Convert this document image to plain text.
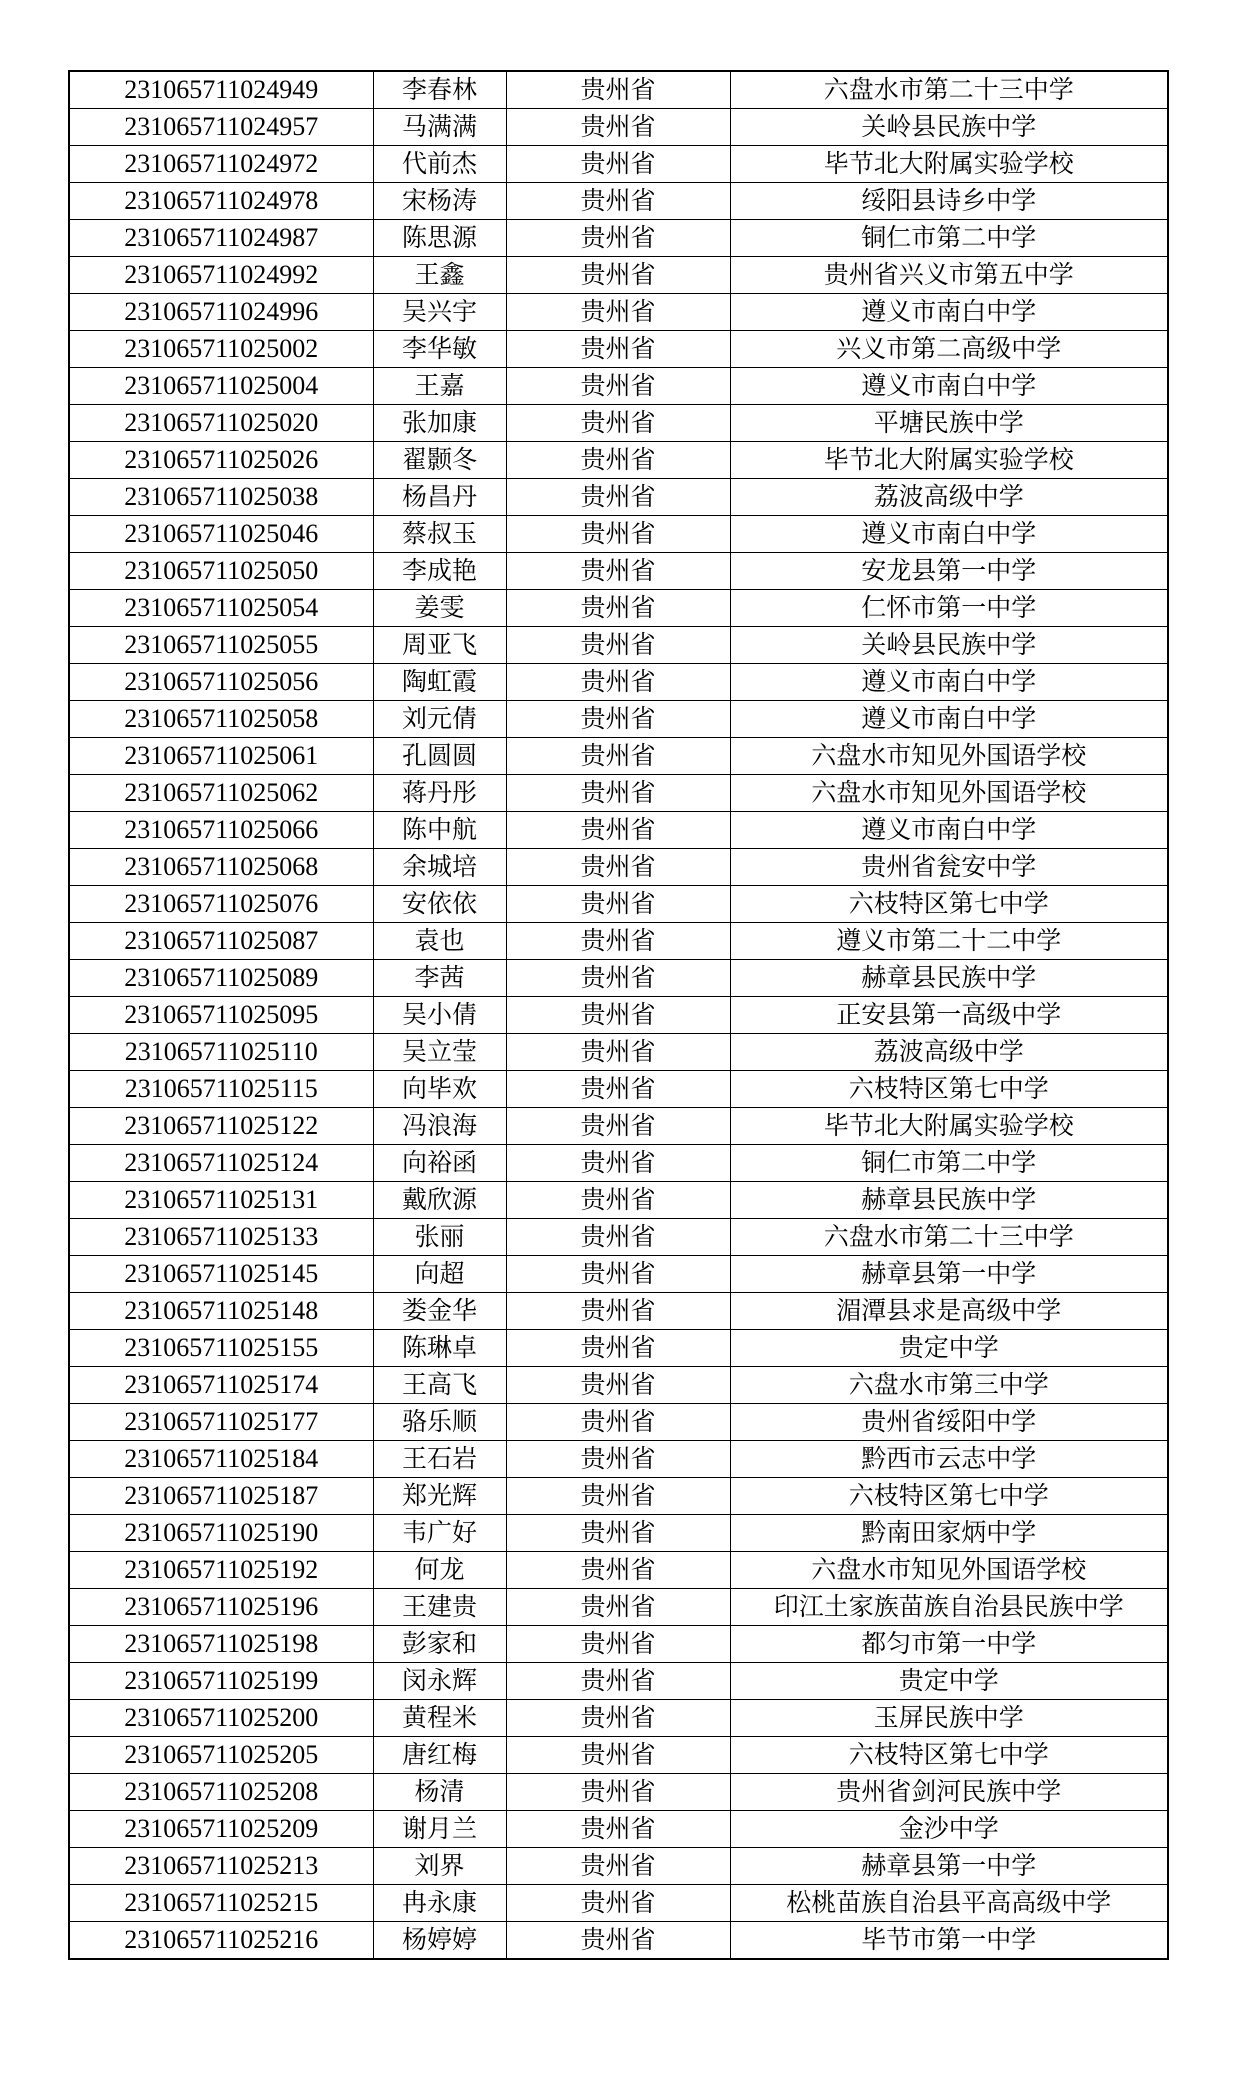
231065711024949	李春林	贵州省	六盘水市第二十三中学
231065711024957	马满满	贵州省	关岭县民族中学
231065711024972	代前杰	贵州省	毕节北大附属实验学校
231065711024978	宋杨涛	贵州省	绥阳县诗乡中学
231065711024987	陈思源	贵州省	铜仁市第二中学
231065711024992	王鑫	贵州省	贵州省兴义市第五中学
231065711024996	吴兴宇	贵州省	遵义市南白中学
231065711025002	李华敏	贵州省	兴义市第二高级中学
231065711025004	王嘉	贵州省	遵义市南白中学
231065711025020	张加康	贵州省	平塘民族中学
231065711025026	翟颢冬	贵州省	毕节北大附属实验学校
231065711025038	杨昌丹	贵州省	荔波高级中学
231065711025046	蔡叔玉	贵州省	遵义市南白中学
231065711025050	李成艳	贵州省	安龙县第一中学
231065711025054	姜雯	贵州省	仁怀市第一中学
231065711025055	周亚飞	贵州省	关岭县民族中学
231065711025056	陶虹霞	贵州省	遵义市南白中学
231065711025058	刘元倩	贵州省	遵义市南白中学
231065711025061	孔圆圆	贵州省	六盘水市知见外国语学校
231065711025062	蒋丹彤	贵州省	六盘水市知见外国语学校
231065711025066	陈中航	贵州省	遵义市南白中学
231065711025068	余城培	贵州省	贵州省瓮安中学
231065711025076	安依依	贵州省	六枝特区第七中学
231065711025087	袁也	贵州省	遵义市第二十二中学
231065711025089	李茜	贵州省	赫章县民族中学
231065711025095	吴小倩	贵州省	正安县第一高级中学
231065711025110	吴立莹	贵州省	荔波高级中学
231065711025115	向毕欢	贵州省	六枝特区第七中学
231065711025122	冯浪海	贵州省	毕节北大附属实验学校
231065711025124	向裕函	贵州省	铜仁市第二中学
231065711025131	戴欣源	贵州省	赫章县民族中学
231065711025133	张丽	贵州省	六盘水市第二十三中学
231065711025145	向超	贵州省	赫章县第一中学
231065711025148	娄金华	贵州省	湄潭县求是高级中学
231065711025155	陈琳卓	贵州省	贵定中学
231065711025174	王高飞	贵州省	六盘水市第三中学
231065711025177	骆乐顺	贵州省	贵州省绥阳中学
231065711025184	王石岩	贵州省	黔西市云志中学
231065711025187	郑光辉	贵州省	六枝特区第七中学
231065711025190	韦广好	贵州省	黔南田家炳中学
231065711025192	何龙	贵州省	六盘水市知见外国语学校
231065711025196	王建贵	贵州省	印江土家族苗族自治县民族中学
231065711025198	彭家和	贵州省	都匀市第一中学
231065711025199	闵永辉	贵州省	贵定中学
231065711025200	黄程米	贵州省	玉屏民族中学
231065711025205	唐红梅	贵州省	六枝特区第七中学
231065711025208	杨清	贵州省	贵州省剑河民族中学
231065711025209	谢月兰	贵州省	金沙中学
231065711025213	刘界	贵州省	赫章县第一中学
231065711025215	冉永康	贵州省	松桃苗族自治县平高高级中学
231065711025216	杨婷婷	贵州省	毕节市第一中学
